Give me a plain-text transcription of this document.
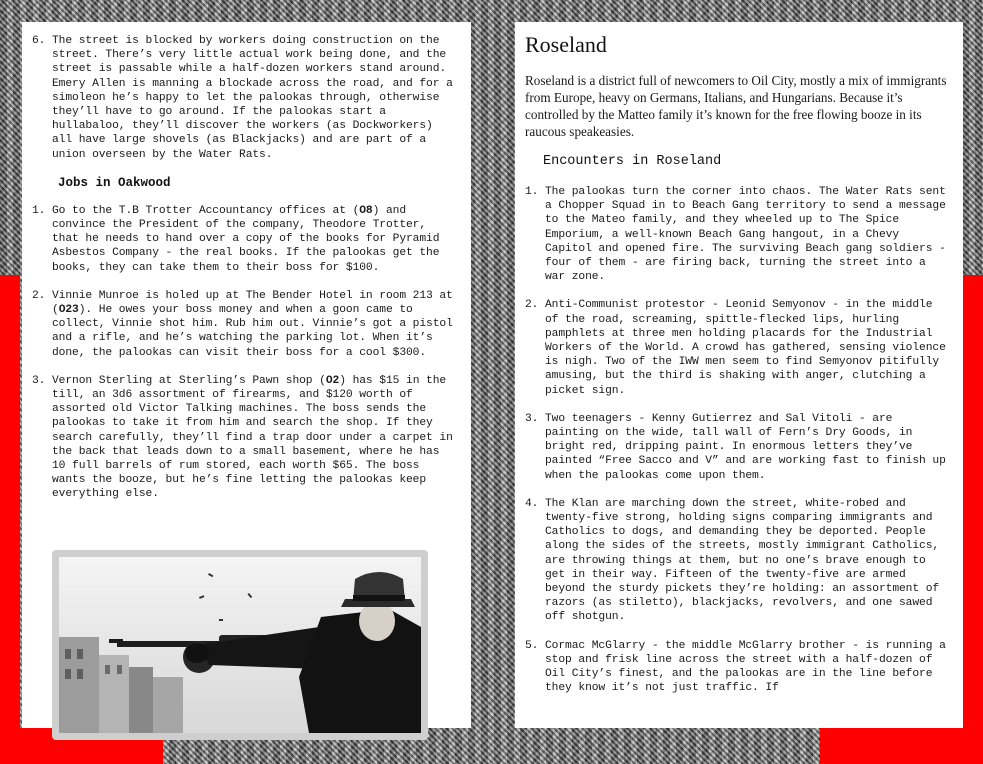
6. The street is blocked by workers doing construction on the street. There’s very little actual work being done, and the street is passable while a half-dozen workers stand around. Emery Allen is manning a blockade across the road, and for a simoleon he’s happy to let the palookas through, otherwise they’ll have to go around. If the palookas start a hullabaloo, they’ll discover the workers (as Dockworkers) all have large shovels (as Blackjacks) and are part of a union overseen by the Water Rats.
Jobs in Oakwood
1. Go to the T.B Trotter Accountancy offices at (O8) and convince the President of the company, Theodore Trotter, that he needs to hand over a copy of the books for Pyramid Asbestos Company - the real books. If the palookas get the books, they can take them to their boss for $100.
2. Vinnie Munroe is holed up at The Bender Hotel in room 213 at (O23). He owes your boss money and when a goon came to collect, Vinnie shot him. Rub him out. Vinnie’s got a pistol and a rifle, and he’s watching the parking lot. When it’s done, the palookas can visit their boss for a cool $300.
3. Vernon Sterling at Sterling’s Pawn shop (O2) has $15 in the till, an 3d6 assortment of firearms, and $120 worth of assorted old Victor Talking machines. The boss sends the palookas to take it from him and search the shop. If they search carefully, they’ll find a trap door under a carpet in the back that leads down to a small basement, where he has 10 full barrels of rum stored, each worth $65. The boss wants the booze, but he’s fine letting the palookas keep everything else.
Roseland
Roseland is a district full of newcomers to Oil City, mostly a mix of immigrants from Europe, heavy on Germans, Italians, and Hungarians. Because it’s controlled by the Matteo family it’s known for the free flowing booze in its raucous speakeasies.
Encounters in Roseland
1. The palookas turn the corner into chaos. The Water Rats sent a Chopper Squad in to Beach Gang territory to send a message to the Mateo family, and they wheeled up to The Spice Emporium, a well-known Beach Gang hangout, in a Chevy Capitol and opened fire. The surviving Beach gang soldiers - four of them - are firing back, turning the street into a war zone.
2. Anti-Communist protestor - Leonid Semyonov - in the middle of the road, screaming, spittle-flecked lips, hurling pamphlets at three men holding placards for the Industrial Workers of the World. A crowd has gathered, sensing violence is nigh. Two of the IWW men seem to find Semyonov pitifully amusing, but the third is shaking with anger, clutching a picket sign.
3. Two teenagers - Kenny Gutierrez and Sal Vitoli - are painting on the wide, tall wall of Fern’s Dry Goods, in bright red, dripping paint. In enormous letters they’ve painted “Free Sacco and V” and are working fast to finish up when the palookas come upon them.
4. The Klan are marching down the street, white-robed and twenty-five strong, holding signs comparing immigrants and Catholics to dogs, and demanding they be deported. People along the sides of the streets, mostly immigrant Catholics, are throwing things at them, but no one’s brave enough to get in their way. Fifteen of the twenty-five are armed beyond the sturdy pickets they’re holding: an assortment of razors (as stiletto), blackjacks, revolvers, and one sawed off shotgun.
5. Cormac McGlarry - the middle McGlarry brother - is running a stop and frisk line across the street with a half-dozen of Oil City’s finest, and the palookas are in the line before they know it’s not just traffic. If
